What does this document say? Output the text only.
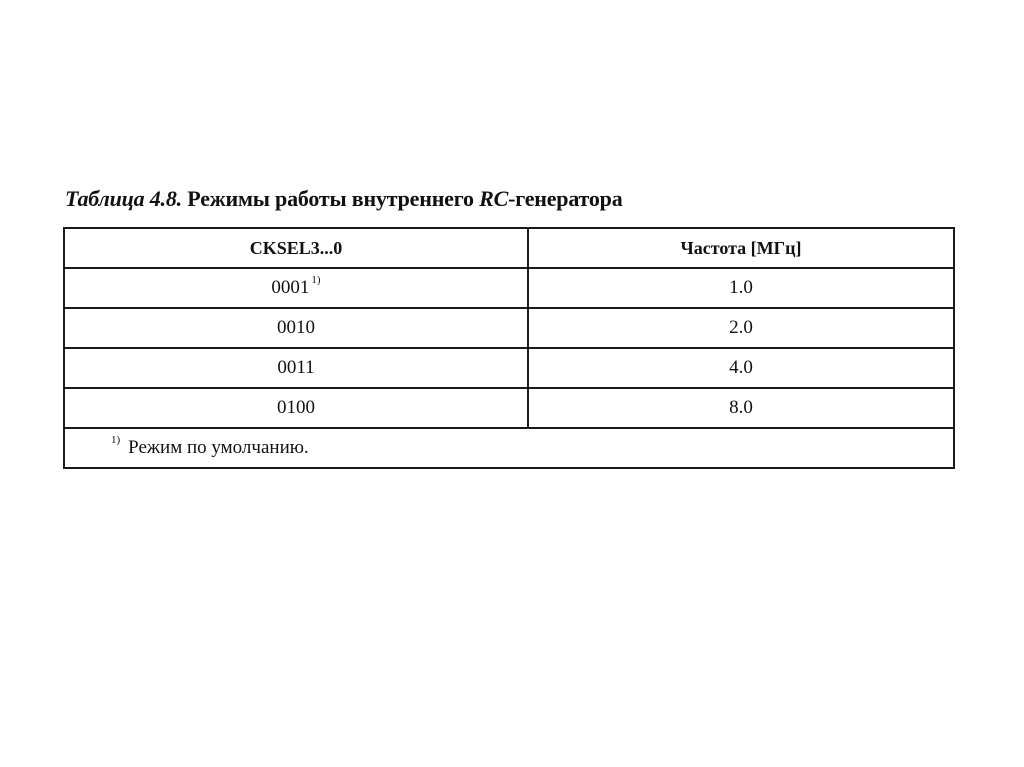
Таблица 4.8. Режимы работы внутреннего RC-генератора
CKSEL3...0	Частота [МГц]
0001 $^{1)}$	1.0
0010	2.0
0011	4.0
0100	8.0
$^{1)}$ Режим по умолчанию.	
